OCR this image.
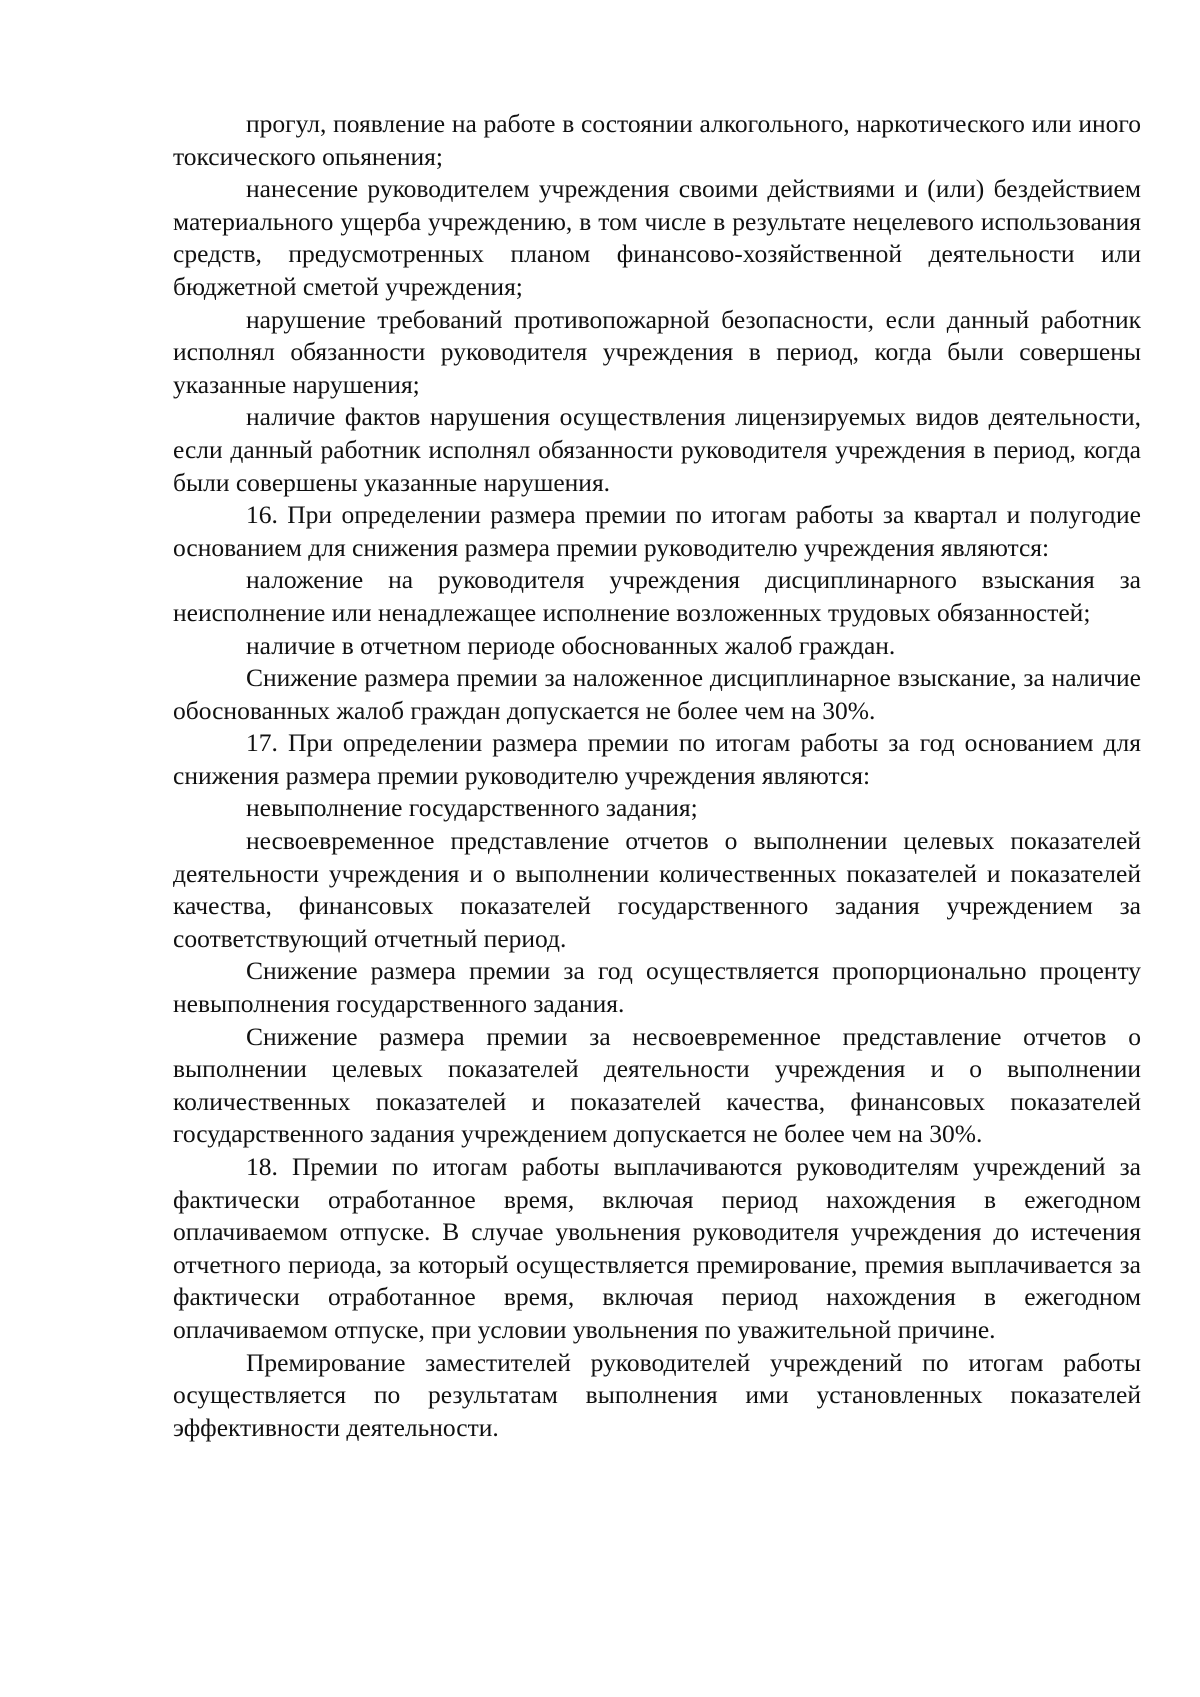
прогул, появление на работе в состоянии алкогольного, наркотического или иного токсического опьянения;

нанесение руководителем учреждения своими действиями и (или) бездействием материального ущерба учреждению, в том числе в результате нецелевого использования средств, предусмотренных планом финансово-хозяйственной деятельности или бюджетной сметой учреждения;

нарушение требований противопожарной безопасности, если данный работник исполнял обязанности руководителя учреждения в период, когда были совершены указанные нарушения;

наличие фактов нарушения осуществления лицензируемых видов деятельности, если данный работник исполнял обязанности руководителя учреждения в период, когда были совершены указанные нарушения.

16. При определении размера премии по итогам работы за квартал и полугодие основанием для снижения размера премии руководителю учреждения являются:

наложение на руководителя учреждения дисциплинарного взыскания за неисполнение или ненадлежащее исполнение возложенных трудовых обязанностей;

наличие в отчетном периоде обоснованных жалоб граждан.

Снижение размера премии за наложенное дисциплинарное взыскание, за наличие обоснованных жалоб граждан допускается не более чем на 30%.

17. При определении размера премии по итогам работы за год основанием для снижения размера премии руководителю учреждения являются:

невыполнение государственного задания;

несвоевременное представление отчетов о выполнении целевых показателей деятельности учреждения и о выполнении количественных показателей и показателей качества, финансовых показателей государственного задания учреждением за соответствующий отчетный период.

Снижение размера премии за год осуществляется пропорционально проценту невыполнения государственного задания.

Снижение размера премии за несвоевременное представление отчетов о выполнении целевых показателей деятельности учреждения и о выполнении количественных показателей и показателей качества, финансовых показателей государственного задания учреждением допускается не более чем на 30%.

18. Премии по итогам работы выплачиваются руководителям учреждений за фактически отработанное время, включая период нахождения в ежегодном оплачиваемом отпуске. В случае увольнения руководителя учреждения до истечения отчетного периода, за который осуществляется премирование, премия выплачивается за фактически отработанное время, включая период нахождения в ежегодном оплачиваемом отпуске, при условии увольнения по уважительной причине.

Премирование заместителей руководителей учреждений по итогам работы осуществляется по результатам выполнения ими установленных показателей эффективности деятельности.
